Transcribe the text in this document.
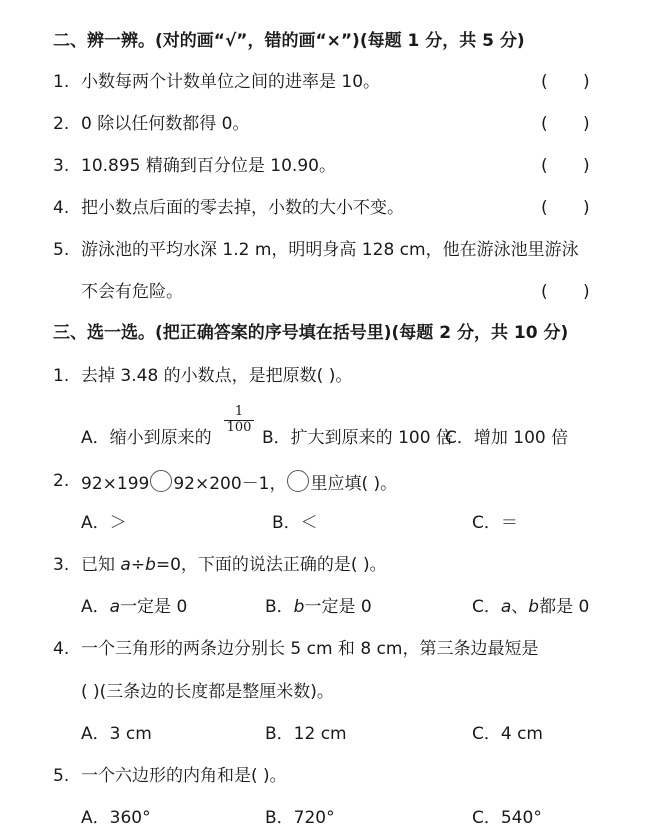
二、辨一辨。(对的画“√”，错的画“×”)(每题 1 分，共 5 分)
1. 小数每两个计数单位之间的进率是 10。	( )
2. 0 除以任何数都得 0。	( )
3. 10.895 精确到百分位是 10.90。	( )
4. 把小数点后面的零去掉，小数的大小不变。	( )
5. 游泳池的平均水深 1.2 m，明明身高 128 cm，他在游泳池里游泳
不会有危险。	( )
三、选一选。(把正确答案的序号填在括号里)(每题 2 分，共 10 分)
1. 去掉 3.48 的小数点，是把原数( )。
A．缩小到原来的
$\frac{1}{100}$
B．扩大到原来的 100 倍
C．增加 100 倍
2. 92×199 92×200－1， 里应填( )。
A．＞	B．＜	C．＝
3. 已知 a÷b=0，下面的说法正确的是( )。
A．a一定是 0	B．b一定是 0	C．a、b都是 0
4. 一个三角形的两条边分别长 5 cm 和 8 cm，第三条边最短是
( )(三条边的长度都是整厘米数)。
A．3 cm	B．12 cm	C．4 cm
5. 一个六边形的内角和是( )。
A．360°	B．720°	C．540°
